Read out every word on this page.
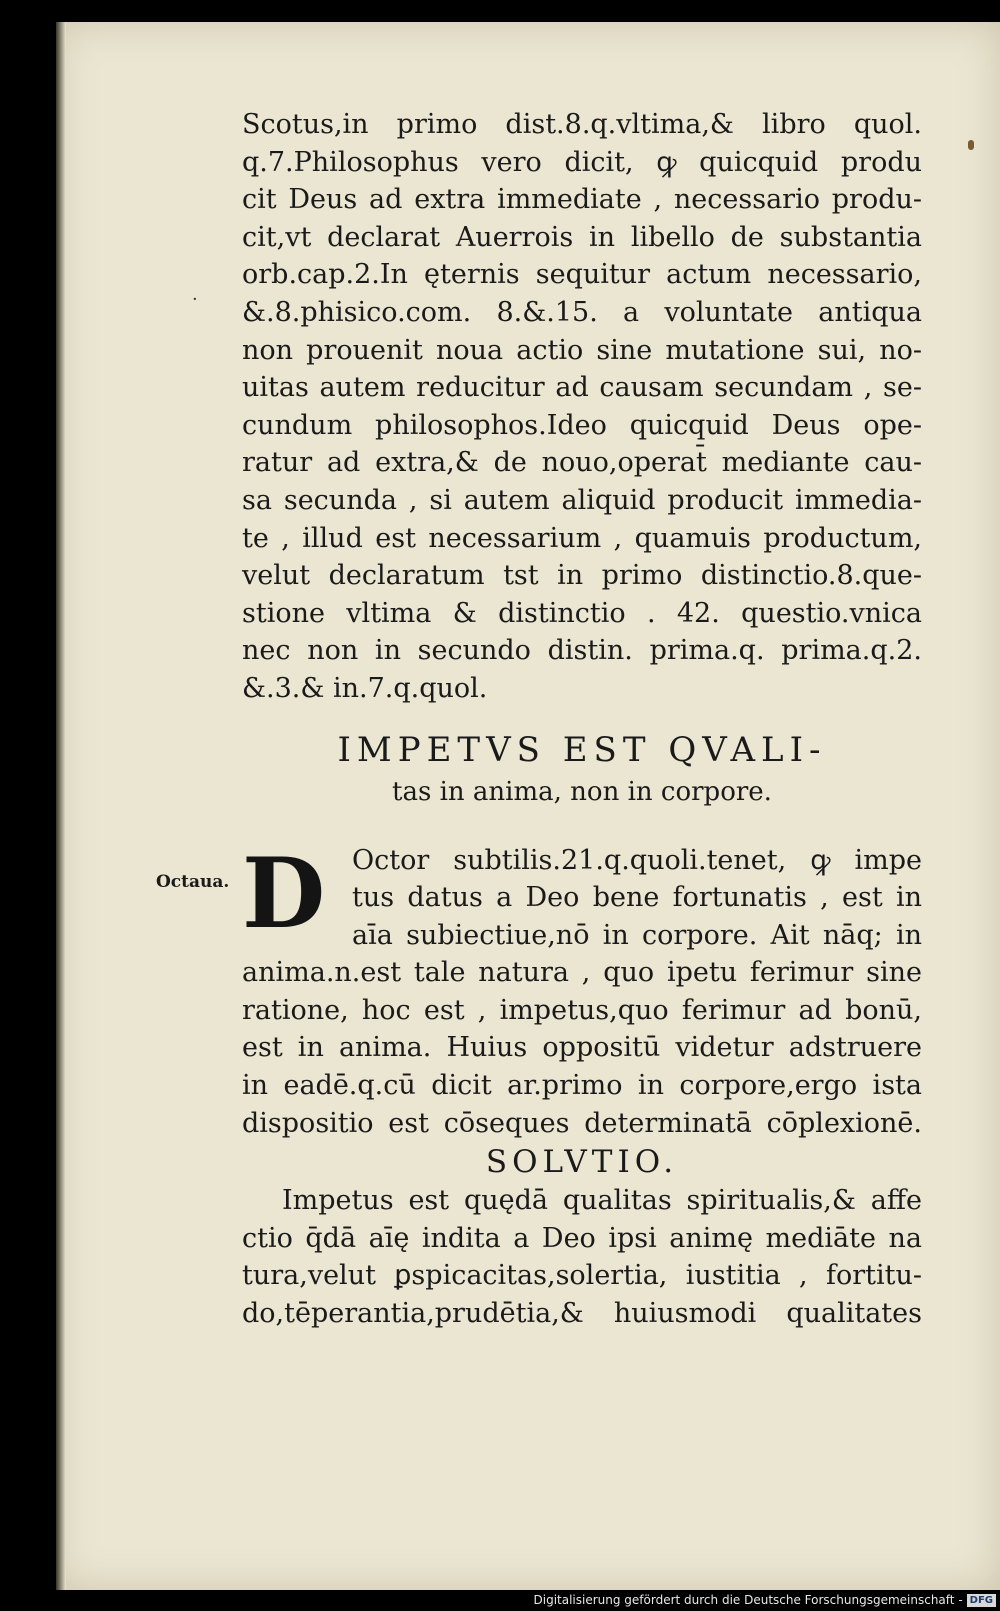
·
Octaua.
Scotus,in primo dist.8.q.vltima,& libro quol.
q.7.Philosophus vero dicit, ꝙ quicquid produ
cit Deus ad extra immediate , necessario produ-
cit,vt declarat Auerrois in libello de substantia
orb.cap.2.In ęternis sequitur actum necessario,
&.8.phisico.com. 8.&.15. a voluntate antiqua
non prouenit noua actio sine mutatione sui, no-
uitas autem reducitur ad causam secundam , se-
cundum philosophos.Ideo quicquid Deus ope-
ratur ad extra,& de nouo,operat̄ mediante cau-
sa secunda , si autem aliquid producit immedia-
te , illud est necessarium , quamuis productum,
velut declaratum tst in primo distinctio.8.que-
stione vltima & distinctio . 42. questio.vnica
nec non in secundo distin. prima.q. prima.q.2.
&.3.& in.7.q.quol.
IMPETVS EST QVALI-
tas in anima, non in corpore.
D Octor subtilis.21.q.quoli.tenet, ꝙ impe
tus datus a Deo bene fortunatis , est in
aīa subiectiue,nō in corpore. Ait nāq; in
anima.n.est tale natura , quo ipetu ferimur sine
ratione, hoc est , impetus,quo ferimur ad bonū,
est in anima. Huius oppositū videtur adstruere
in eadē.q.cū dicit ar.primo in corpore,ergo ista
dispositio est cōseques determinatā cōplexionē.
SOLVTIO.
Impetus est quędā qualitas spiritualis,& affe
ctio q̄dā aīę indita a Deo ipsi animę mediāte na
tura,velut ꝑspicacitas,solertia, iustitia , fortitu-
do,tēperantia,prudētia,& huiusmodi qualitates
Digitalisierung gefördert durch die Deutsche Forschungsgemeinschaft - DFG
